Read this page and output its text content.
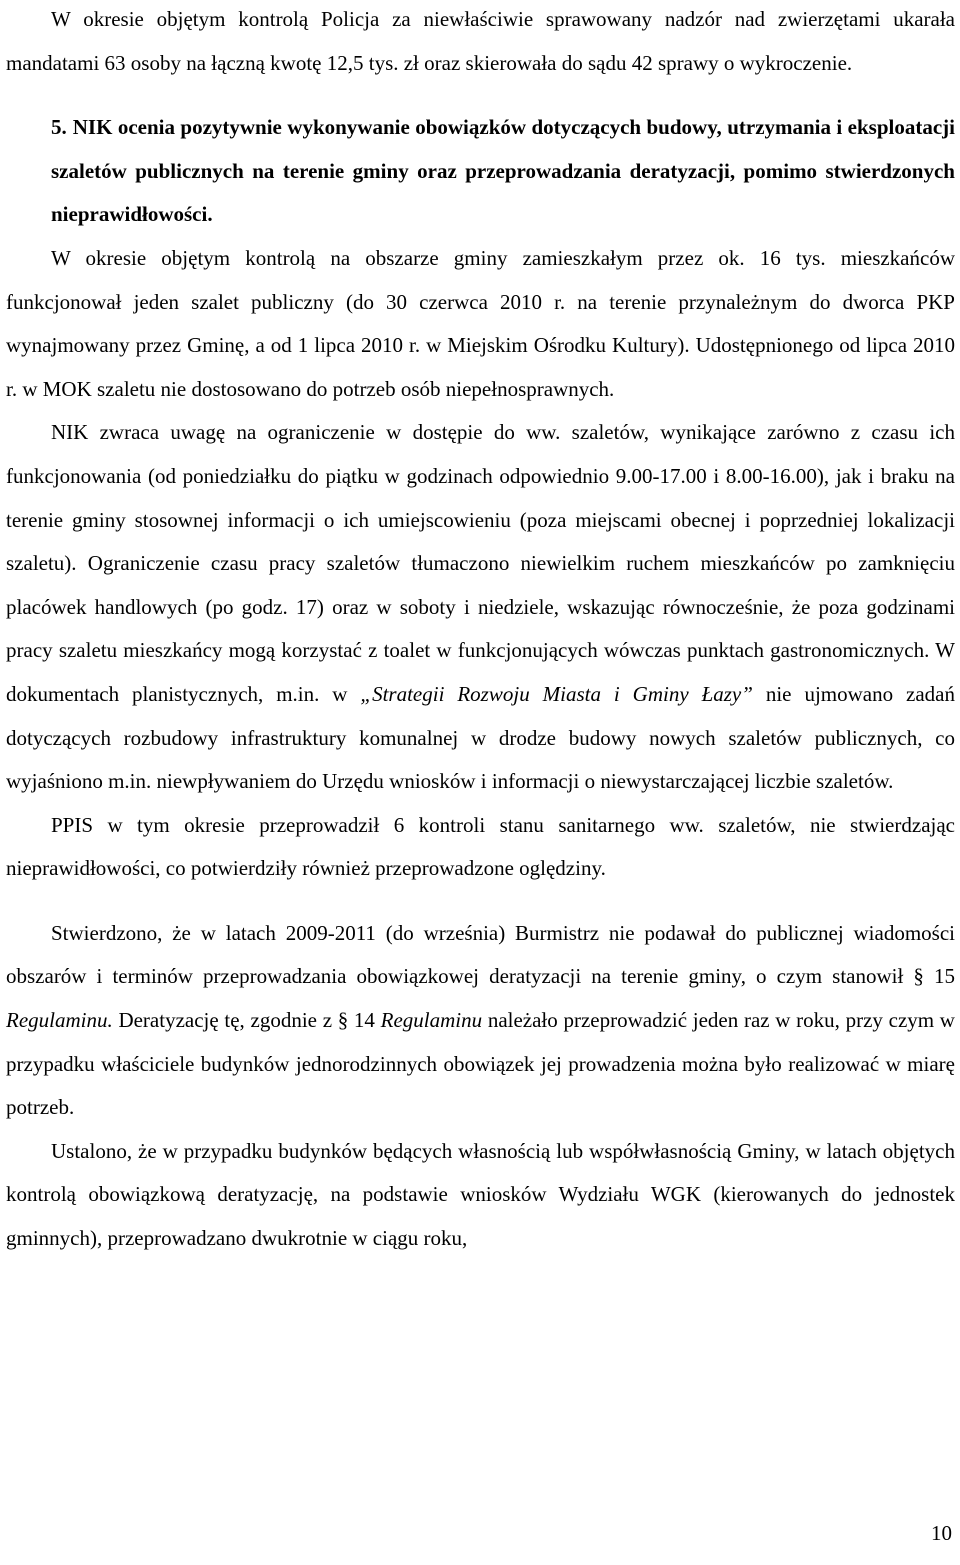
W okresie objętym kontrolą Policja za niewłaściwie sprawowany nadzór nad zwierzętami ukarała mandatami 63 osoby na łączną kwotę 12,5 tys. zł oraz skierowała do sądu 42 sprawy o wykroczenie.

5. NIK ocenia pozytywnie wykonywanie obowiązków dotyczących budowy, utrzymania i eksploatacji szaletów publicznych na terenie gminy oraz przeprowadzania deratyzacji, pomimo stwierdzonych nieprawidłowości.

W okresie objętym kontrolą na obszarze gminy zamieszkałym przez ok. 16 tys. mieszkańców funkcjonował jeden szalet publiczny (do 30 czerwca 2010 r. na terenie przynależnym do dworca PKP wynajmowany przez Gminę, a od 1 lipca 2010 r. w Miejskim Ośrodku Kultury). Udostępnionego od lipca 2010 r. w MOK szaletu nie dostosowano do potrzeb osób niepełnosprawnych.

NIK zwraca uwagę na ograniczenie w dostępie do ww. szaletów, wynikające zarówno z czasu ich funkcjonowania (od poniedziałku do piątku w godzinach odpowiednio 9.00-17.00 i 8.00-16.00), jak i braku na terenie gminy stosownej informacji o ich umiejscowieniu (poza miejscami obecnej i poprzedniej lokalizacji szaletu). Ograniczenie czasu pracy szaletów tłumaczono niewielkim ruchem mieszkańców po zamknięciu placówek handlowych (po godz. 17) oraz w soboty i niedziele, wskazując równocześnie, że poza godzinami pracy szaletu mieszkańcy mogą korzystać z toalet w funkcjonujących wówczas punktach gastronomicznych. W dokumentach planistycznych, m.in. w „Strategii Rozwoju Miasta i Gminy Łazy” nie ujmowano zadań dotyczących rozbudowy infrastruktury komunalnej w drodze budowy nowych szaletów publicznych, co wyjaśniono m.in. niewpływaniem do Urzędu wniosków i informacji o niewystarczającej liczbie szaletów.

PPIS w tym okresie przeprowadził 6 kontroli stanu sanitarnego ww. szaletów, nie stwierdzając nieprawidłowości, co potwierdziły również przeprowadzone oględziny.

Stwierdzono, że w latach 2009-2011 (do września) Burmistrz nie podawał do publicznej wiadomości obszarów i terminów przeprowadzania obowiązkowej deratyzacji na terenie gminy, o czym stanowił § 15 Regulaminu. Deratyzację tę, zgodnie z § 14 Regulaminu należało przeprowadzić jeden raz w roku, przy czym w przypadku właściciele budynków jednorodzinnych obowiązek jej prowadzenia można było realizować w miarę potrzeb.

Ustalono, że w przypadku budynków będących własnością lub współwłasnością Gminy, w latach objętych kontrolą obowiązkową deratyzację, na podstawie wniosków Wydziału WGK (kierowanych do jednostek gminnych), przeprowadzano dwukrotnie w ciągu roku,

10
